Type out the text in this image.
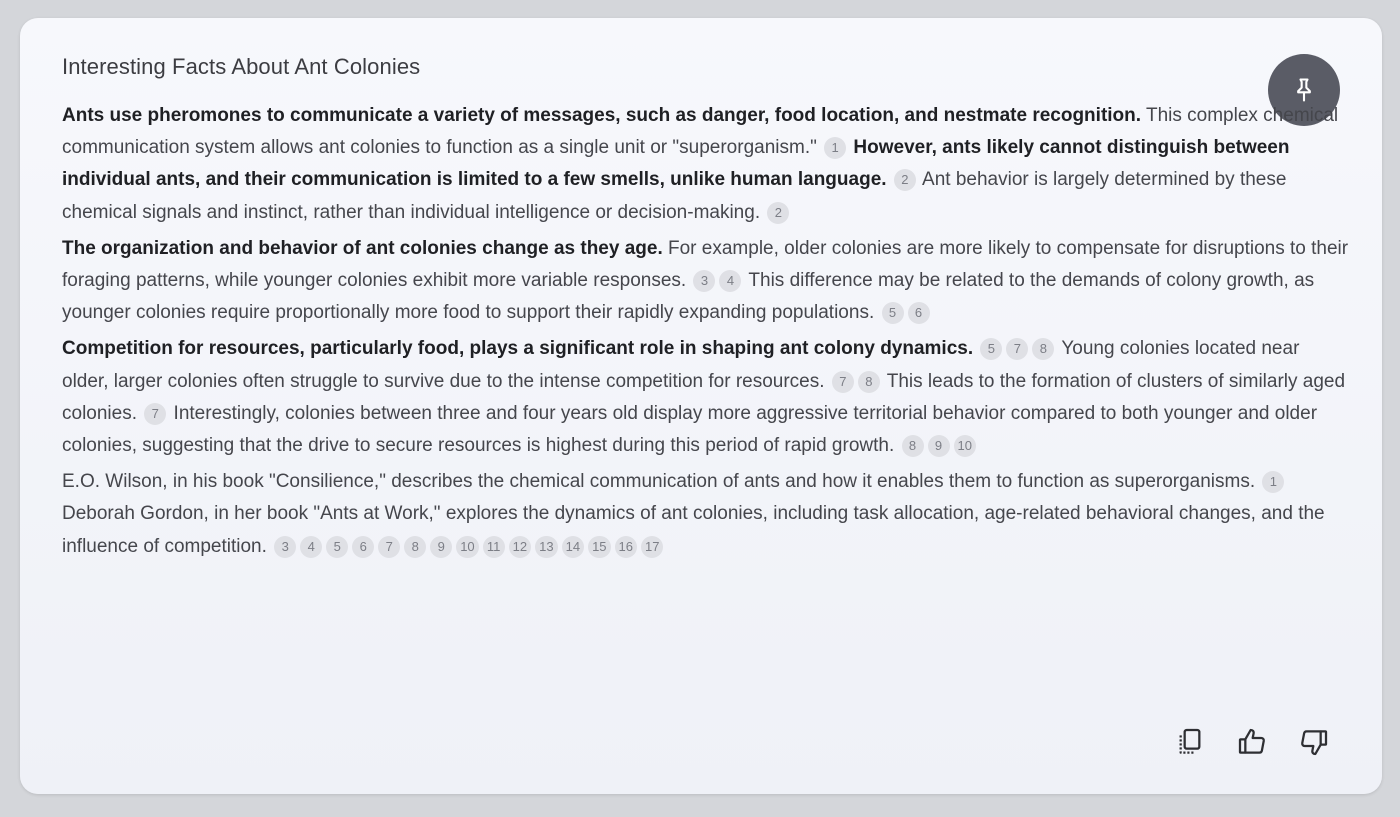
Interesting Facts About Ant Colonies

Ants use pheromones to communicate a variety of messages, such as danger, food location, and nestmate recognition. This complex chemical communication system allows ant colonies to function as a single unit or "superorganism." 1 However, ants likely cannot distinguish between individual ants, and their communication is limited to a few smells, unlike human language. 2 Ant behavior is largely determined by these chemical signals and instinct, rather than individual intelligence or decision-making. 2

The organization and behavior of ant colonies change as they age. For example, older colonies are more likely to compensate for disruptions to their foraging patterns, while younger colonies exhibit more variable responses. 3 4 This difference may be related to the demands of colony growth, as younger colonies require proportionally more food to support their rapidly expanding populations. 5 6

Competition for resources, particularly food, plays a significant role in shaping ant colony dynamics. 5 7 8 Young colonies located near older, larger colonies often struggle to survive due to the intense competition for resources. 7 8 This leads to the formation of clusters of similarly aged colonies. 7 Interestingly, colonies between three and four years old display more aggressive territorial behavior compared to both younger and older colonies, suggesting that the drive to secure resources is highest during this period of rapid growth. 8 9 10

E.O. Wilson, in his book "Consilience," describes the chemical communication of ants and how it enables them to function as superorganisms. 1 Deborah Gordon, in her book "Ants at Work," explores the dynamics of ant colonies, including task allocation, age-related behavioral changes, and the influence of competition. 3 4 5 6 7 8 9 10 11 12 13 14 15 16 17
